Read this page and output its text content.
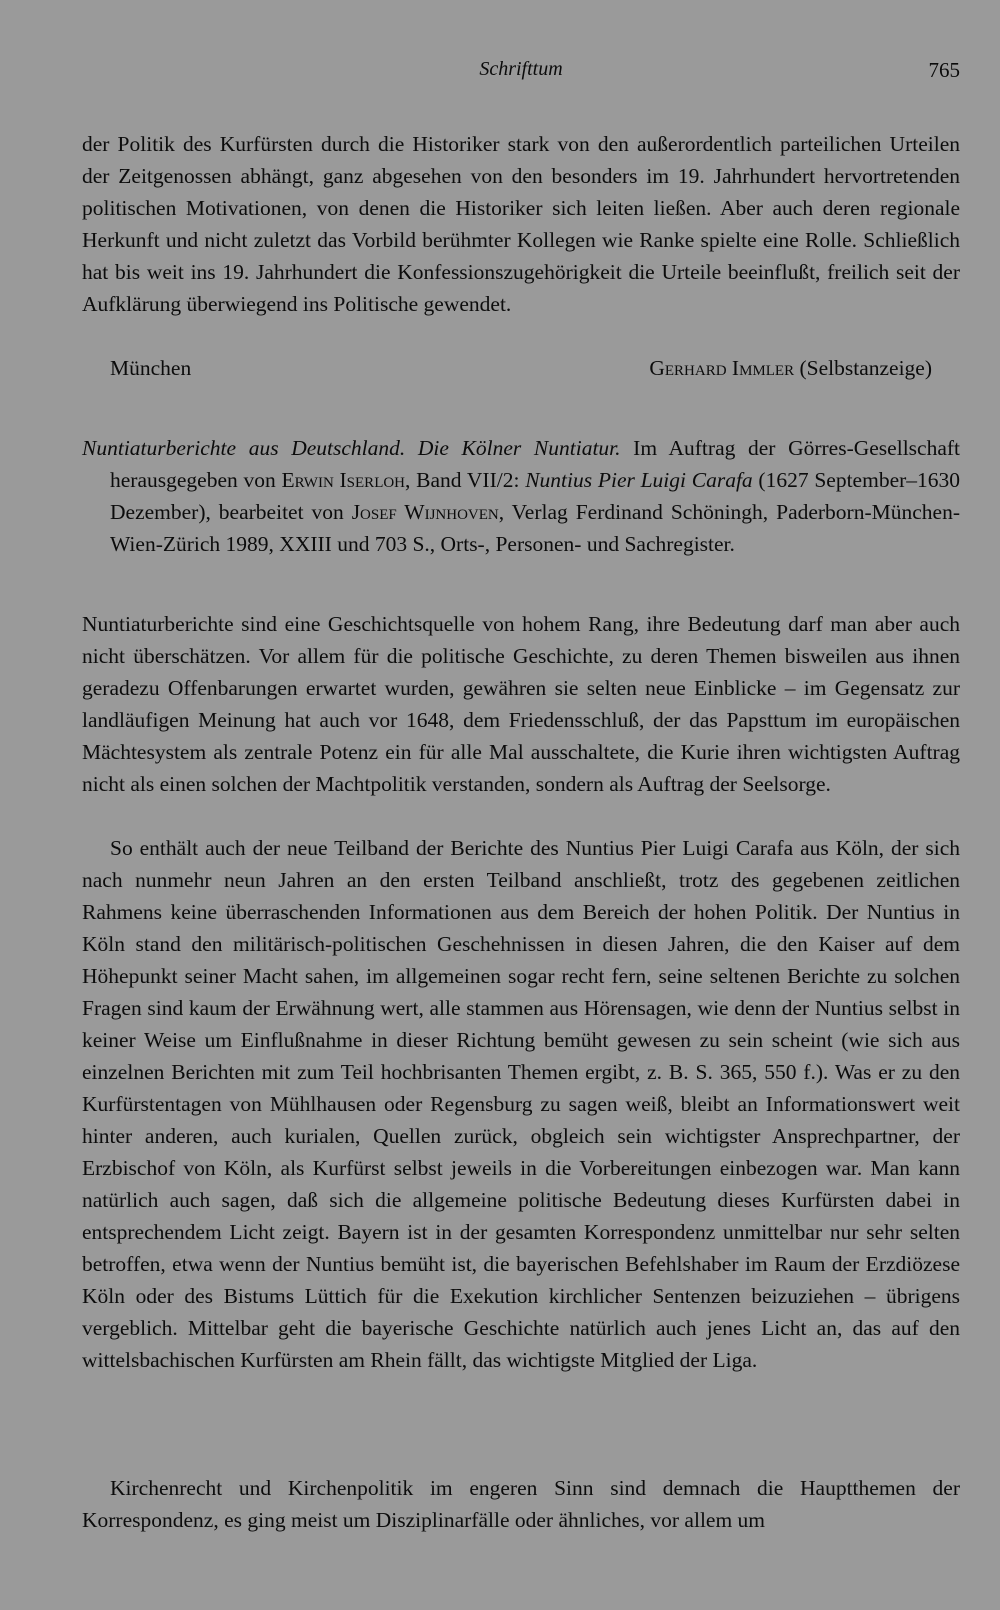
Schrifttum	765

der Politik des Kurfürsten durch die Historiker stark von den außerordentlich parteilichen Urteilen der Zeitgenossen abhängt, ganz abgesehen von den besonders im 19. Jahrhundert hervortretenden politischen Motivationen, von denen die Historiker sich leiten ließen. Aber auch deren regionale Herkunft und nicht zuletzt das Vorbild berühmter Kollegen wie Ranke spielte eine Rolle. Schließlich hat bis weit ins 19. Jahrhundert die Konfessionszugehörigkeit die Urteile beeinflußt, freilich seit der Aufklärung überwiegend ins Politische gewendet.

München	Gerhard Immler (Selbstanzeige)

Nuntiaturberichte aus Deutschland. Die Kölner Nuntiatur. Im Auftrag der Görres-Gesellschaft herausgegeben von Erwin Iserloh, Band VII/2: Nuntius Pier Luigi Carafa (1627 September–1630 Dezember), bearbeitet von Josef Wijnhoven, Verlag Ferdinand Schöningh, Paderborn-München-Wien-Zürich 1989, XXIII und 703 S., Orts-, Personen- und Sachregister.

Nuntiaturberichte sind eine Geschichtsquelle von hohem Rang, ihre Bedeutung darf man aber auch nicht überschätzen. Vor allem für die politische Geschichte, zu deren Themen bisweilen aus ihnen geradezu Offenbarungen erwartet wurden, gewähren sie selten neue Einblicke – im Gegensatz zur landläufigen Meinung hat auch vor 1648, dem Friedensschluß, der das Papsttum im europäischen Mächtesystem als zentrale Potenz ein für alle Mal ausschaltete, die Kurie ihren wichtigsten Auftrag nicht als einen solchen der Machtpolitik verstanden, sondern als Auftrag der Seelsorge.

So enthält auch der neue Teilband der Berichte des Nuntius Pier Luigi Carafa aus Köln, der sich nach nunmehr neun Jahren an den ersten Teilband anschließt, trotz des gegebenen zeitlichen Rahmens keine überraschenden Informationen aus dem Bereich der hohen Politik. Der Nuntius in Köln stand den militärisch-politischen Geschehnissen in diesen Jahren, die den Kaiser auf dem Höhepunkt seiner Macht sahen, im allgemeinen sogar recht fern, seine seltenen Berichte zu solchen Fragen sind kaum der Erwähnung wert, alle stammen aus Hörensagen, wie denn der Nuntius selbst in keiner Weise um Einflußnahme in dieser Richtung bemüht gewesen zu sein scheint (wie sich aus einzelnen Berichten mit zum Teil hochbrisanten Themen ergibt, z. B. S. 365, 550 f.). Was er zu den Kurfürstentagen von Mühlhausen oder Regensburg zu sagen weiß, bleibt an Informationswert weit hinter anderen, auch kurialen, Quellen zurück, obgleich sein wichtigster Ansprechpartner, der Erzbischof von Köln, als Kurfürst selbst jeweils in die Vorbereitungen einbezogen war. Man kann natürlich auch sagen, daß sich die allgemeine politische Bedeutung dieses Kurfürsten dabei in entsprechendem Licht zeigt. Bayern ist in der gesamten Korrespondenz unmittelbar nur sehr selten betroffen, etwa wenn der Nuntius bemüht ist, die bayerischen Befehlshaber im Raum der Erzdiözese Köln oder des Bistums Lüttich für die Exekution kirchlicher Sentenzen beizuziehen – übrigens vergeblich. Mittelbar geht die bayerische Geschichte natürlich auch jenes Licht an, das auf den wittelsbachischen Kurfürsten am Rhein fällt, das wichtigste Mitglied der Liga.

Kirchenrecht und Kirchenpolitik im engeren Sinn sind demnach die Hauptthemen der Korrespondenz, es ging meist um Disziplinarfälle oder ähnliches, vor allem um
